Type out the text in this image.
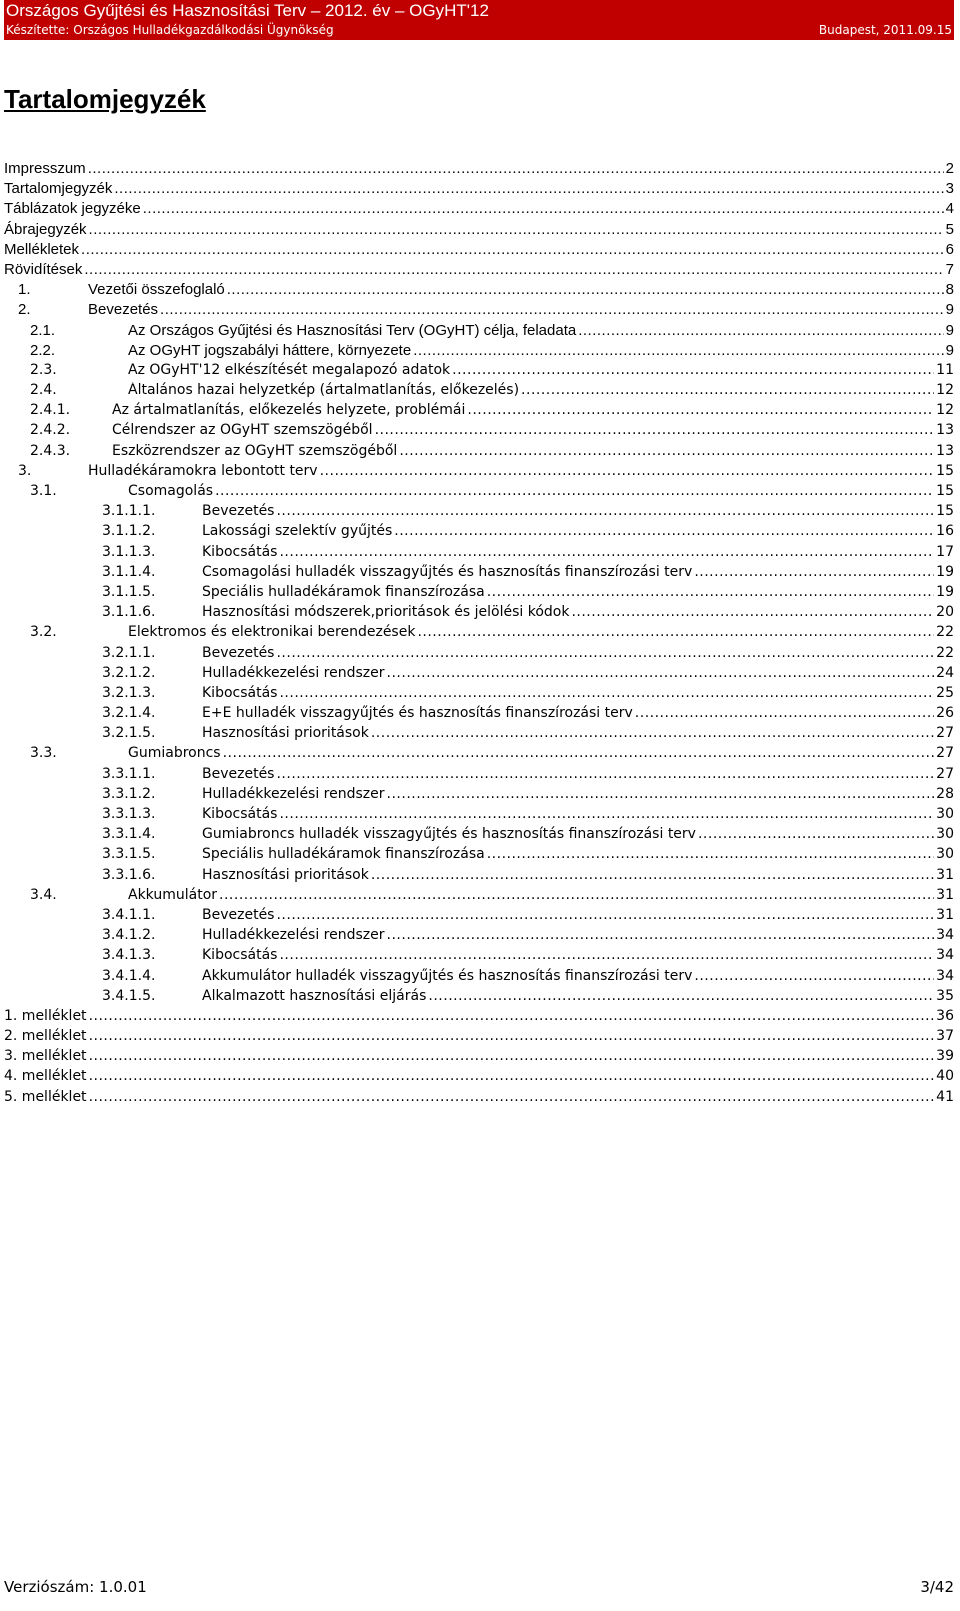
Országos Gyűjtési és Hasznosítási Terv – 2012. év – OGyHT'12
Készítette: Országos Hulladékgazdálkodási Ügynökség	Budapest, 2011.09.15
Tartalomjegyzék
Impresszum .....	2
Tartalomjegyzék .....	3
Táblázatok jegyzéke .....	4
Ábrajegyzék .....	5
Mellékletek .....	6
Rövidítések .....	7
1.	Vezetői összefoglaló .....	8
2.	Bevezetés .....	9
2.1.	Az Országos Gyűjtési és Hasznosítási Terv (OGyHT) célja, feladata .....	9
2.2.	Az OGyHT jogszabályi háttere, környezete .....	9
2.3.	Az OGyHT'12 elkészítését megalapozó adatok .....	11
2.4.	Általános hazai helyzetkép (ártalmatlanítás, előkezelés) .....	12
2.4.1.	Az ártalmatlanítás, előkezelés helyzete, problémái .....	12
2.4.2.	Célrendszer az OGyHT szemszögéből .....	13
2.4.3.	Eszközrendszer az OGyHT szemszögéből .....	13
3.	Hulladékáramokra lebontott terv .....	15
3.1.	Csomagolás .....	15
3.1.1.1.	Bevezetés .....	15
3.1.1.2.	Lakossági szelektív gyűjtés .....	16
3.1.1.3.	Kibocsátás .....	17
3.1.1.4.	Csomagolási hulladék visszagyűjtés és hasznosítás finanszírozási terv .....	19
3.1.1.5.	Speciális hulladékáramok finanszírozása .....	19
3.1.1.6.	Hasznosítási módszerek,prioritások és jelölési kódok .....	20
3.2.	Elektromos és elektronikai berendezések .....	22
3.2.1.1.	Bevezetés .....	22
3.2.1.2.	Hulladékkezelési rendszer .....	24
3.2.1.3.	Kibocsátás .....	25
3.2.1.4.	E+E hulladék visszagyűjtés és hasznosítás finanszírozási terv .....	26
3.2.1.5.	Hasznosítási prioritások .....	27
3.3.	Gumiabroncs .....	27
3.3.1.1.	Bevezetés .....	27
3.3.1.2.	Hulladékkezelési rendszer .....	28
3.3.1.3.	Kibocsátás .....	30
3.3.1.4.	Gumiabroncs hulladék visszagyűjtés és hasznosítás finanszírozási terv .....	30
3.3.1.5.	Speciális hulladékáramok finanszírozása .....	30
3.3.1.6.	Hasznosítási prioritások .....	31
3.4.	Akkumulátor .....	31
3.4.1.1.	Bevezetés .....	31
3.4.1.2.	Hulladékkezelési rendszer .....	34
3.4.1.3.	Kibocsátás .....	34
3.4.1.4.	Akkumulátor hulladék visszagyűjtés és hasznosítás finanszírozási terv .....	34
3.4.1.5.	Alkalmazott hasznosítási eljárás .....	35
1. melléklet .....	36
2. melléklet .....	37
3. melléklet .....	39
4. melléklet .....	40
5. melléklet .....	41
Verziószám: 1.0.01	3/42
